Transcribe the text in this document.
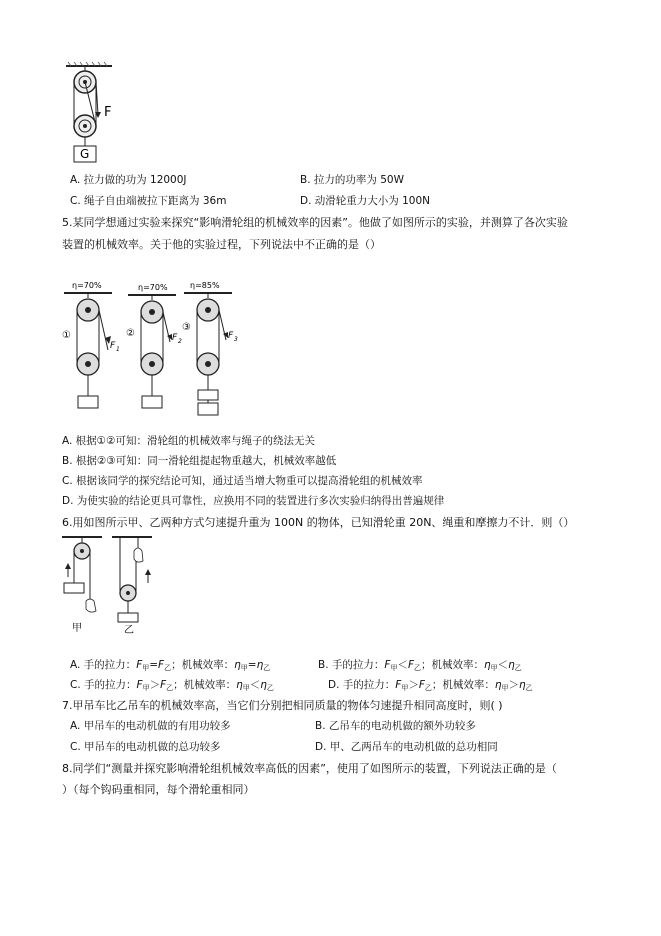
F
G
A. 拉力做的功为 12000J	B. 拉力的功率为 50W
C. 绳子自由端被拉下距离为 36m	D. 动滑轮重力大小为 100N
5.某同学想通过实验来探究“影响滑轮组的机械效率的因素”。他做了如图所示的实验，并测算了各次实验
装置的机械效率。关于他的实验过程，下列说法中不正确的是（）
η=70%
①
F 1
η=70%
②	F 2
η=85%
③
F 3
A. 根据①②可知：滑轮组的机械效率与绳子的绕法无关
B. 根据②③可知：同一滑轮组提起物重越大，机械效率越低
C. 根据该同学的探究结论可知，通过适当增大物重可以提高滑轮组的机械效率
D. 为使实验的结论更具可靠性，应换用不同的装置进行多次实验归纳得出普遍规律
6.用如图所示甲、乙两种方式匀速提升重为 100N 的物体，已知滑轮重 20N、绳重和摩擦力不计．则（）
甲	乙
A. 手的拉力：$F_甲=F_乙$；机械效率：$\eta_甲=\eta_乙$	B. 手的拉力：$F_甲<F_乙$；机械效率：$\eta_甲<\eta_乙$
C. 手的拉力：$F_甲>F_乙$；机械效率：$\eta_甲<\eta_乙$	D. 手的拉力：$F_甲>F_乙$；机械效率：$\eta_甲>\eta_乙$
7.甲吊车比乙吊车的机械效率高，当它们分别把相同质量的物体匀速提升相同高度时，则( )
A. 甲吊车的电动机做的有用功较多	B. 乙吊车的电动机做的额外功较多
C. 甲吊车的电动机做的总功较多	D. 甲、乙两吊车的电动机做的总功相同
8.同学们“测量并探究影响滑轮组机械效率高低的因素”，使用了如图所示的装置，下列说法正确的是（
）（每个钩码重相同，每个滑轮重相同）
